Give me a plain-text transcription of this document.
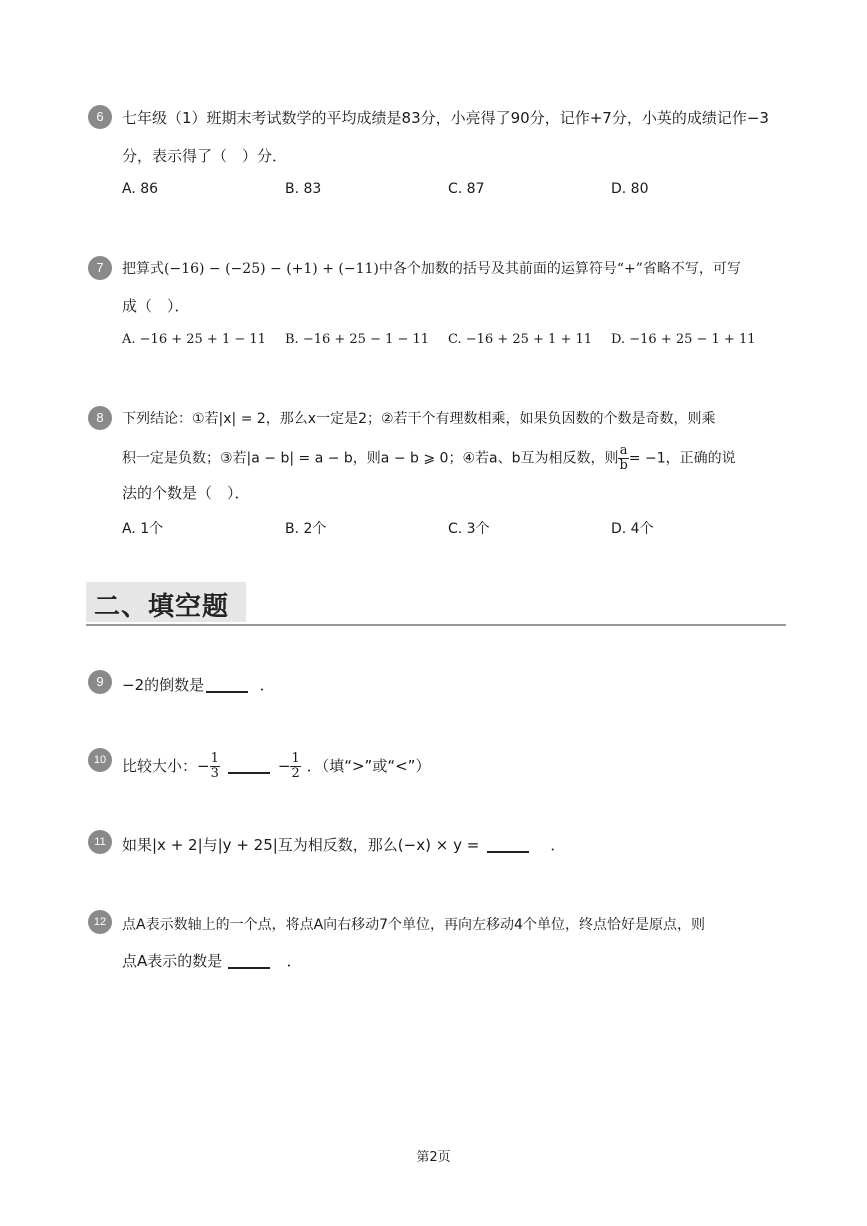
6	七年级（1）班期末考试数学的平均成绩是83分，小亮得了90分，记作+7分，小英的成绩记作−3
分，表示得了（　）分．
A. 86	B. 83	C. 87	D. 80
7	把算式(−16) − (−25) − (+1) + (−11)中各个加数的括号及其前面的运算符号“+”省略不写，可写
成（　）．
A. −16 + 25 + 1 − 11 B. −16 + 25 − 1 − 11 C. −16 + 25 + 1 + 11 D. −16 + 25 − 1 + 11
8	下列结论：①若|x| = 2，那么x一定是2；②若干个有理数相乘，如果负因数的个数是奇数，则乘
积一定是负数；③若|a − b| = a − b，则a − b ⩾ 0；④若a、b互为相反数，则 $\frac{a}{b} = -1$，正确的说
法的个数是（　）．
A. 1个	B. 2个	C. 3个	D. 4个
二、填空题
9	−2的倒数是	．
10	比较大小：− $\frac{1}{3}$	− $\frac{1}{2}$ ．（填“>”或“<”）
11	如果|x + 2|与|y + 25|互为相反数，那么(−x) × y =	．
12	点A表示数轴上的一个点，将点A向右移动7个单位，再向左移动4个单位，终点恰好是原点，则
点A表示的数是	．
第2页
